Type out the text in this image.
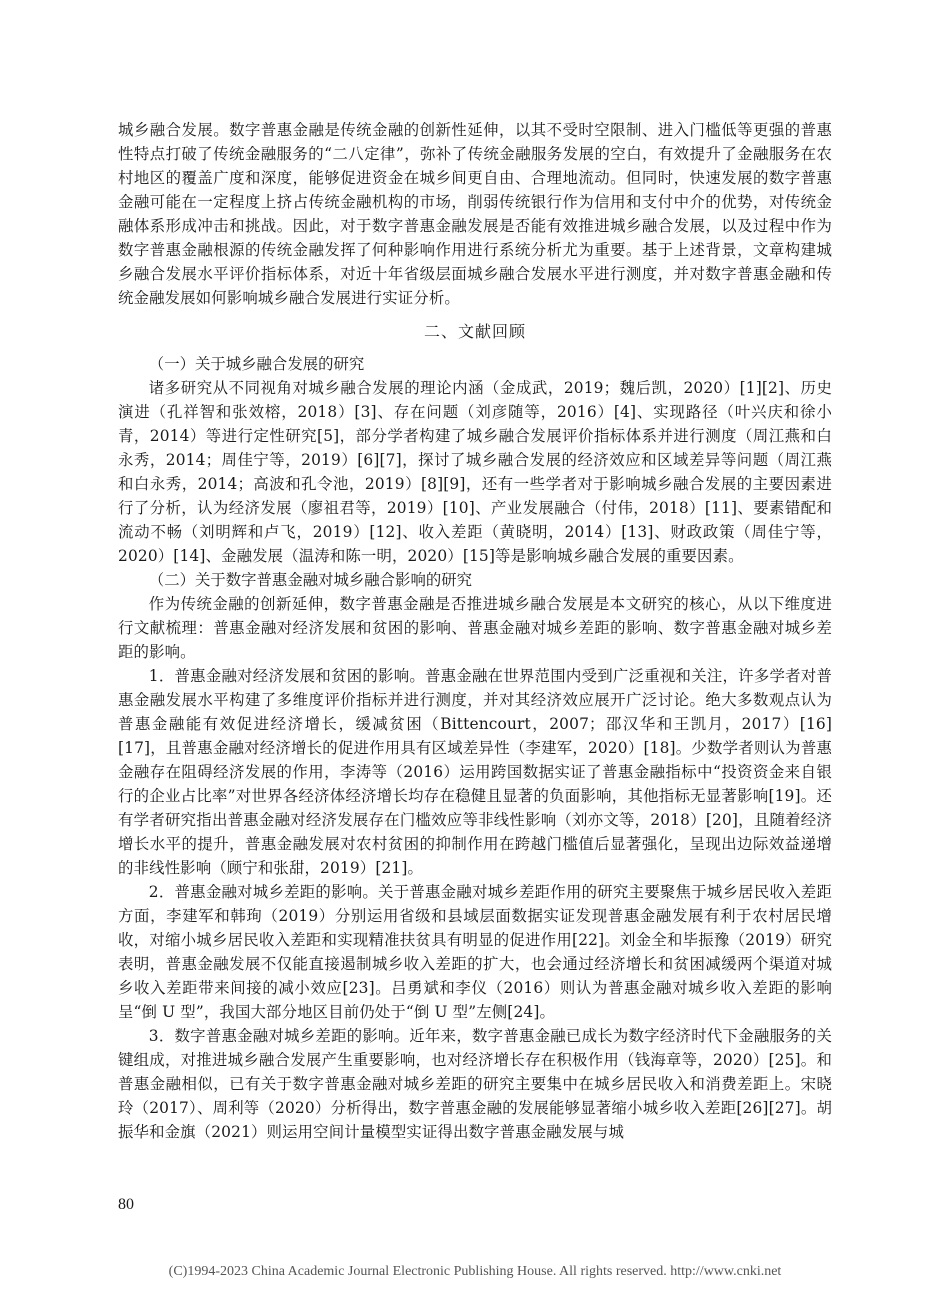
城乡融合发展。数字普惠金融是传统金融的创新性延伸，以其不受时空限制、进入门槛低等更强的普惠性特点打破了传统金融服务的“二八定律”，弥补了传统金融服务发展的空白，有效提升了金融服务在农村地区的覆盖广度和深度，能够促进资金在城乡间更自由、合理地流动。但同时，快速发展的数字普惠金融可能在一定程度上挤占传统金融机构的市场，削弱传统银行作为信用和支付中介的优势，对传统金融体系形成冲击和挑战。因此，对于数字普惠金融发展是否能有效推进城乡融合发展，以及过程中作为数字普惠金融根源的传统金融发挥了何种影响作用进行系统分析尤为重要。基于上述背景，文章构建城乡融合发展水平评价指标体系，对近十年省级层面城乡融合发展水平进行测度，并对数字普惠金融和传统金融发展如何影响城乡融合发展进行实证分析。

二、文献回顾

（一）关于城乡融合发展的研究

诸多研究从不同视角对城乡融合发展的理论内涵（金成武，2019；魏后凯，2020）[1][2]、历史演进（孔祥智和张效榕，2018）[3]、存在问题（刘彦随等，2016）[4]、实现路径（叶兴庆和徐小青，2014）等进行定性研究[5]，部分学者构建了城乡融合发展评价指标体系并进行测度（周江燕和白永秀，2014；周佳宁等，2019）[6][7]，探讨了城乡融合发展的经济效应和区域差异等问题（周江燕和白永秀，2014；高波和孔令池，2019）[8][9]，还有一些学者对于影响城乡融合发展的主要因素进行了分析，认为经济发展（廖祖君等，2019）[10]、产业发展融合（付伟，2018）[11]、要素错配和流动不畅（刘明辉和卢飞，2019）[12]、收入差距（黄晓明，2014）[13]、财政政策（周佳宁等，2020）[14]、金融发展（温涛和陈一明，2020）[15]等是影响城乡融合发展的重要因素。

（二）关于数字普惠金融对城乡融合影响的研究

作为传统金融的创新延伸，数字普惠金融是否推进城乡融合发展是本文研究的核心，从以下维度进行文献梳理：普惠金融对经济发展和贫困的影响、普惠金融对城乡差距的影响、数字普惠金融对城乡差距的影响。

1．普惠金融对经济发展和贫困的影响。普惠金融在世界范围内受到广泛重视和关注，许多学者对普惠金融发展水平构建了多维度评价指标并进行测度，并对其经济效应展开广泛讨论。绝大多数观点认为普惠金融能有效促进经济增长，缓减贫困（Bittencourt，2007；邵汉华和王凯月，2017）[16][17]，且普惠金融对经济增长的促进作用具有区域差异性（李建军，2020）[18]。少数学者则认为普惠金融存在阻碍经济发展的作用，李涛等（2016）运用跨国数据实证了普惠金融指标中“投资资金来自银行的企业占比率”对世界各经济体经济增长均存在稳健且显著的负面影响，其他指标无显著影响[19]。还有学者研究指出普惠金融对经济发展存在门槛效应等非线性影响（刘亦文等，2018）[20]，且随着经济增长水平的提升，普惠金融发展对农村贫困的抑制作用在跨越门槛值后显著强化，呈现出边际效益递增的非线性影响（顾宁和张甜，2019）[21]。

2．普惠金融对城乡差距的影响。关于普惠金融对城乡差距作用的研究主要聚焦于城乡居民收入差距方面，李建军和韩珣（2019）分别运用省级和县域层面数据实证发现普惠金融发展有利于农村居民增收，对缩小城乡居民收入差距和实现精准扶贫具有明显的促进作用[22]。刘金全和毕振豫（2019）研究表明，普惠金融发展不仅能直接遏制城乡收入差距的扩大，也会通过经济增长和贫困减缓两个渠道对城乡收入差距带来间接的减小效应[23]。吕勇斌和李仪（2016）则认为普惠金融对城乡收入差距的影响呈“倒 U 型”，我国大部分地区目前仍处于“倒 U 型”左侧[24]。

3．数字普惠金融对城乡差距的影响。近年来，数字普惠金融已成长为数字经济时代下金融服务的关键组成，对推进城乡融合发展产生重要影响，也对经济增长存在积极作用（钱海章等，2020）[25]。和普惠金融相似，已有关于数字普惠金融对城乡差距的研究主要集中在城乡居民收入和消费差距上。宋晓玲（2017）、周利等（2020）分析得出，数字普惠金融的发展能够显著缩小城乡收入差距[26][27]。胡振华和金旗（2021）则运用空间计量模型实证得出数字普惠金融发展与城

80
(C)1994-2023 China Academic Journal Electronic Publishing House. All rights reserved. http://www.cnki.net
